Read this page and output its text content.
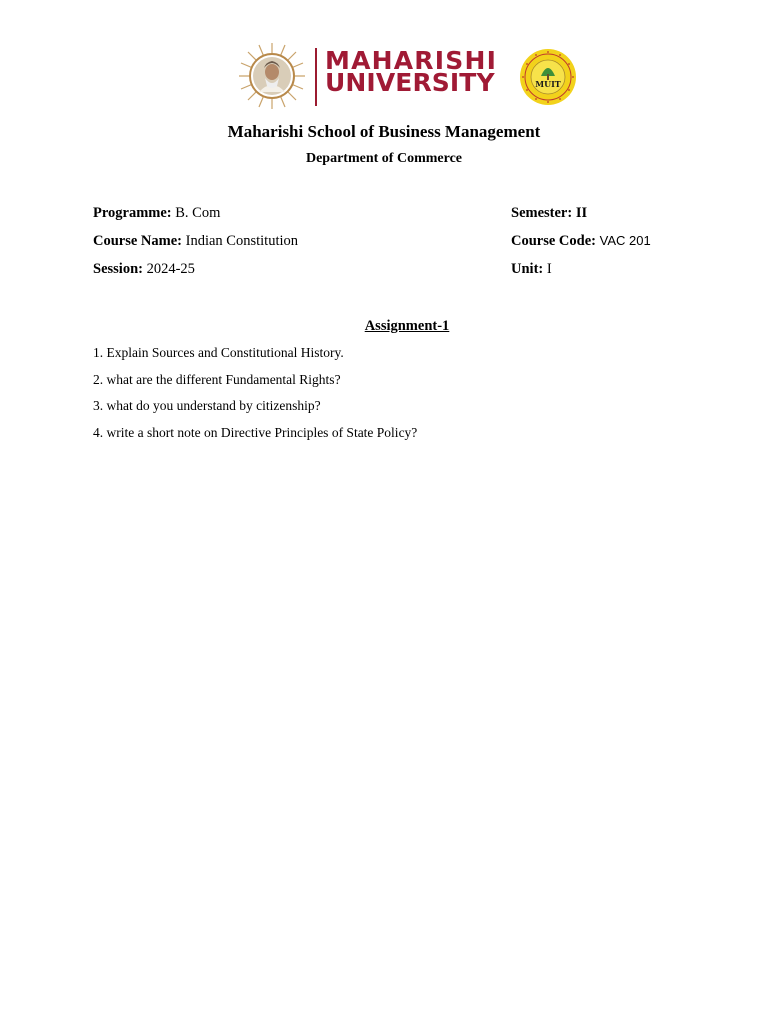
MAHARISHI
UNIVERSITY	MUIT
Maharishi School of Business Management
Department of Commerce
Programme: B. Com	Semester: II
Course Name: Indian Constitution	Course Code: VAC 201
Session: 2024-25	Unit: I
Assignment-1
1. Explain Sources and Constitutional History.
2. what are the different Fundamental Rights?
3. what do you understand by citizenship?
4. write a short note on Directive Principles of State Policy?
